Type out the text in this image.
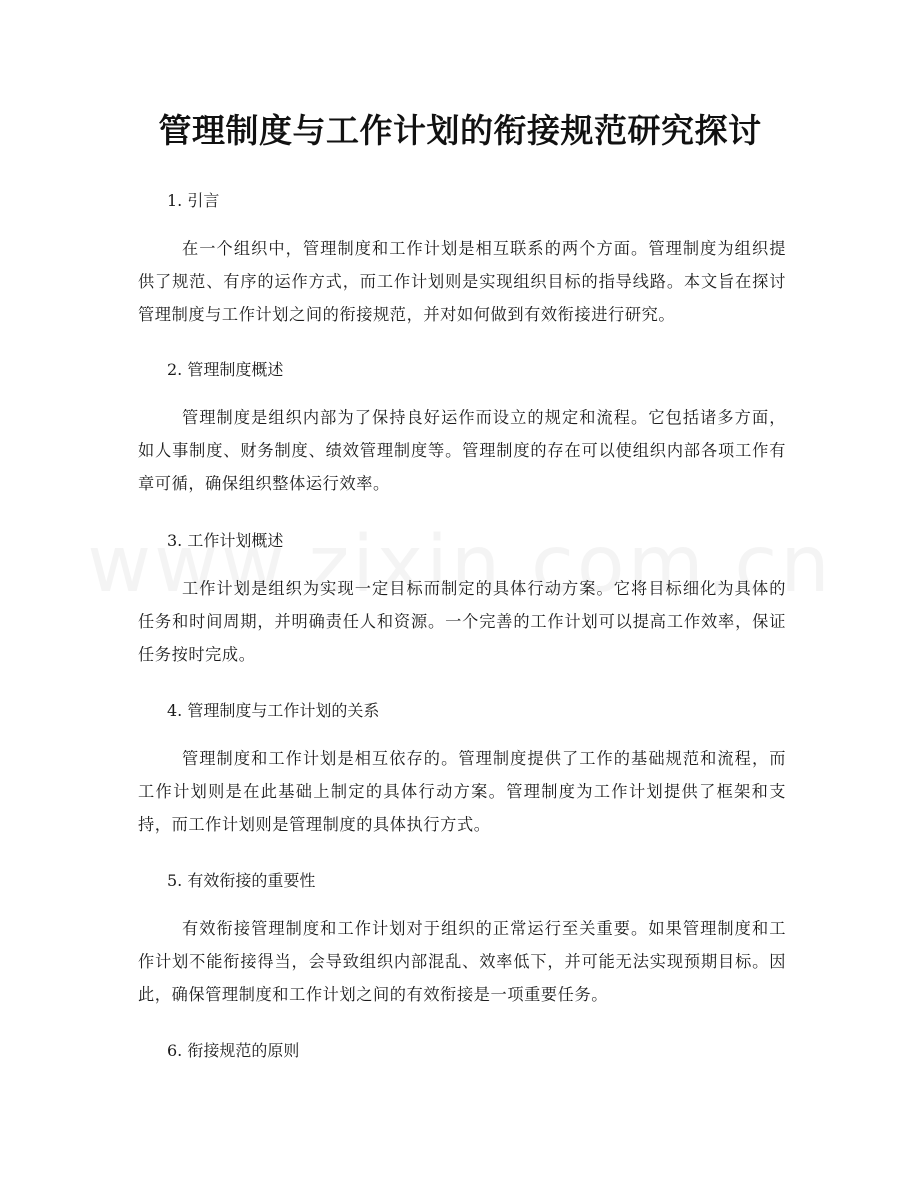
管理制度与工作计划的衔接规范研究探讨
1. 引言

在一个组织中，管理制度和工作计划是相互联系的两个方面。管理制度为组织提供了规范、有序的运作方式，而工作计划则是实现组织目标的指导线路。本文旨在探讨管理制度与工作计划之间的衔接规范，并对如何做到有效衔接进行研究。

2. 管理制度概述

管理制度是组织内部为了保持良好运作而设立的规定和流程。它包括诸多方面，如人事制度、财务制度、绩效管理制度等。管理制度的存在可以使组织内部各项工作有章可循，确保组织整体运行效率。

3. 工作计划概述

工作计划是组织为实现一定目标而制定的具体行动方案。它将目标细化为具体的任务和时间周期，并明确责任人和资源。一个完善的工作计划可以提高工作效率，保证任务按时完成。

4. 管理制度与工作计划的关系

管理制度和工作计划是相互依存的。管理制度提供了工作的基础规范和流程，而工作计划则是在此基础上制定的具体行动方案。管理制度为工作计划提供了框架和支持，而工作计划则是管理制度的具体执行方式。

5. 有效衔接的重要性

有效衔接管理制度和工作计划对于组织的正常运行至关重要。如果管理制度和工作计划不能衔接得当，会导致组织内部混乱、效率低下，并可能无法实现预期目标。因此，确保管理制度和工作计划之间的有效衔接是一项重要任务。

6. 衔接规范的原则
